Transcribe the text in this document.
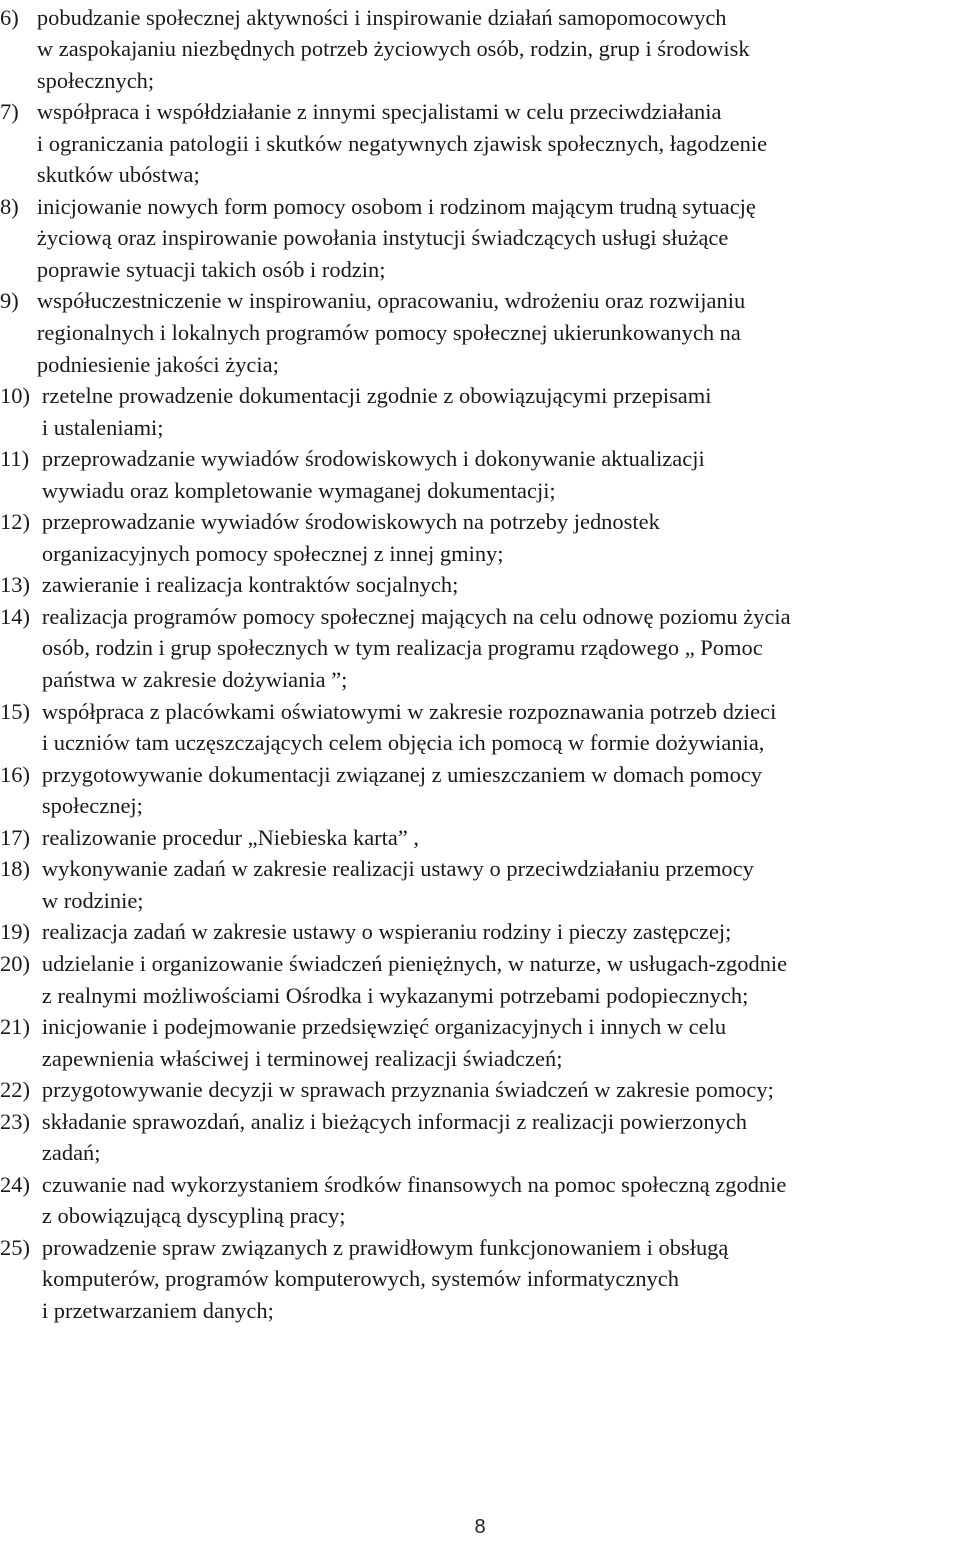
6) pobudzanie społecznej aktywności i inspirowanie działań samopomocowych
w zaspokajaniu niezbędnych potrzeb życiowych osób, rodzin, grup i środowisk
społecznych;
7) współpraca i współdziałanie z innymi specjalistami w celu przeciwdziałania
i ograniczania patologii i skutków negatywnych zjawisk społecznych, łagodzenie
skutków ubóstwa;
8) inicjowanie nowych form pomocy osobom i rodzinom mającym trudną sytuację
życiową oraz inspirowanie powołania instytucji świadczących usługi służące
poprawie sytuacji takich osób i rodzin;
9) współuczestniczenie w inspirowaniu, opracowaniu, wdrożeniu oraz rozwijaniu
regionalnych i lokalnych programów pomocy społecznej ukierunkowanych na
podniesienie jakości życia;
10) rzetelne prowadzenie dokumentacji zgodnie z obowiązującymi przepisami
i ustaleniami;
11) przeprowadzanie wywiadów środowiskowych i dokonywanie aktualizacji
wywiadu oraz kompletowanie wymaganej dokumentacji;
12) przeprowadzanie wywiadów środowiskowych na potrzeby jednostek
organizacyjnych pomocy społecznej z innej gminy;
13) zawieranie i realizacja kontraktów socjalnych;
14) realizacja programów pomocy społecznej mających na celu odnowę poziomu życia
osób, rodzin i grup społecznych w tym realizacja programu rządowego „ Pomoc
państwa w zakresie dożywiania ”;
15) współpraca z placówkami oświatowymi w zakresie rozpoznawania potrzeb dzieci
i uczniów tam uczęszczających celem objęcia ich pomocą w formie dożywiania,
16) przygotowywanie dokumentacji związanej z umieszczaniem w domach pomocy
społecznej;
17) realizowanie procedur „Niebieska karta” ,
18) wykonywanie zadań w zakresie realizacji ustawy o przeciwdziałaniu przemocy
w rodzinie;
19) realizacja zadań w zakresie ustawy o wspieraniu rodziny i pieczy zastępczej;
20) udzielanie i organizowanie świadczeń pieniężnych, w naturze, w usługach-zgodnie
z realnymi możliwościami Ośrodka i wykazanymi potrzebami podopiecznych;
21) inicjowanie i podejmowanie przedsięwzięć organizacyjnych i innych w celu
zapewnienia właściwej i terminowej realizacji świadczeń;
22) przygotowywanie decyzji w sprawach przyznania świadczeń w zakresie pomocy;
23) składanie sprawozdań, analiz i bieżących informacji z realizacji powierzonych
zadań;
24) czuwanie nad wykorzystaniem środków finansowych na pomoc społeczną zgodnie
z obowiązującą dyscypliną pracy;
25) prowadzenie spraw związanych z prawidłowym funkcjonowaniem i obsługą
komputerów, programów komputerowych, systemów informatycznych
i przetwarzaniem danych;
8
